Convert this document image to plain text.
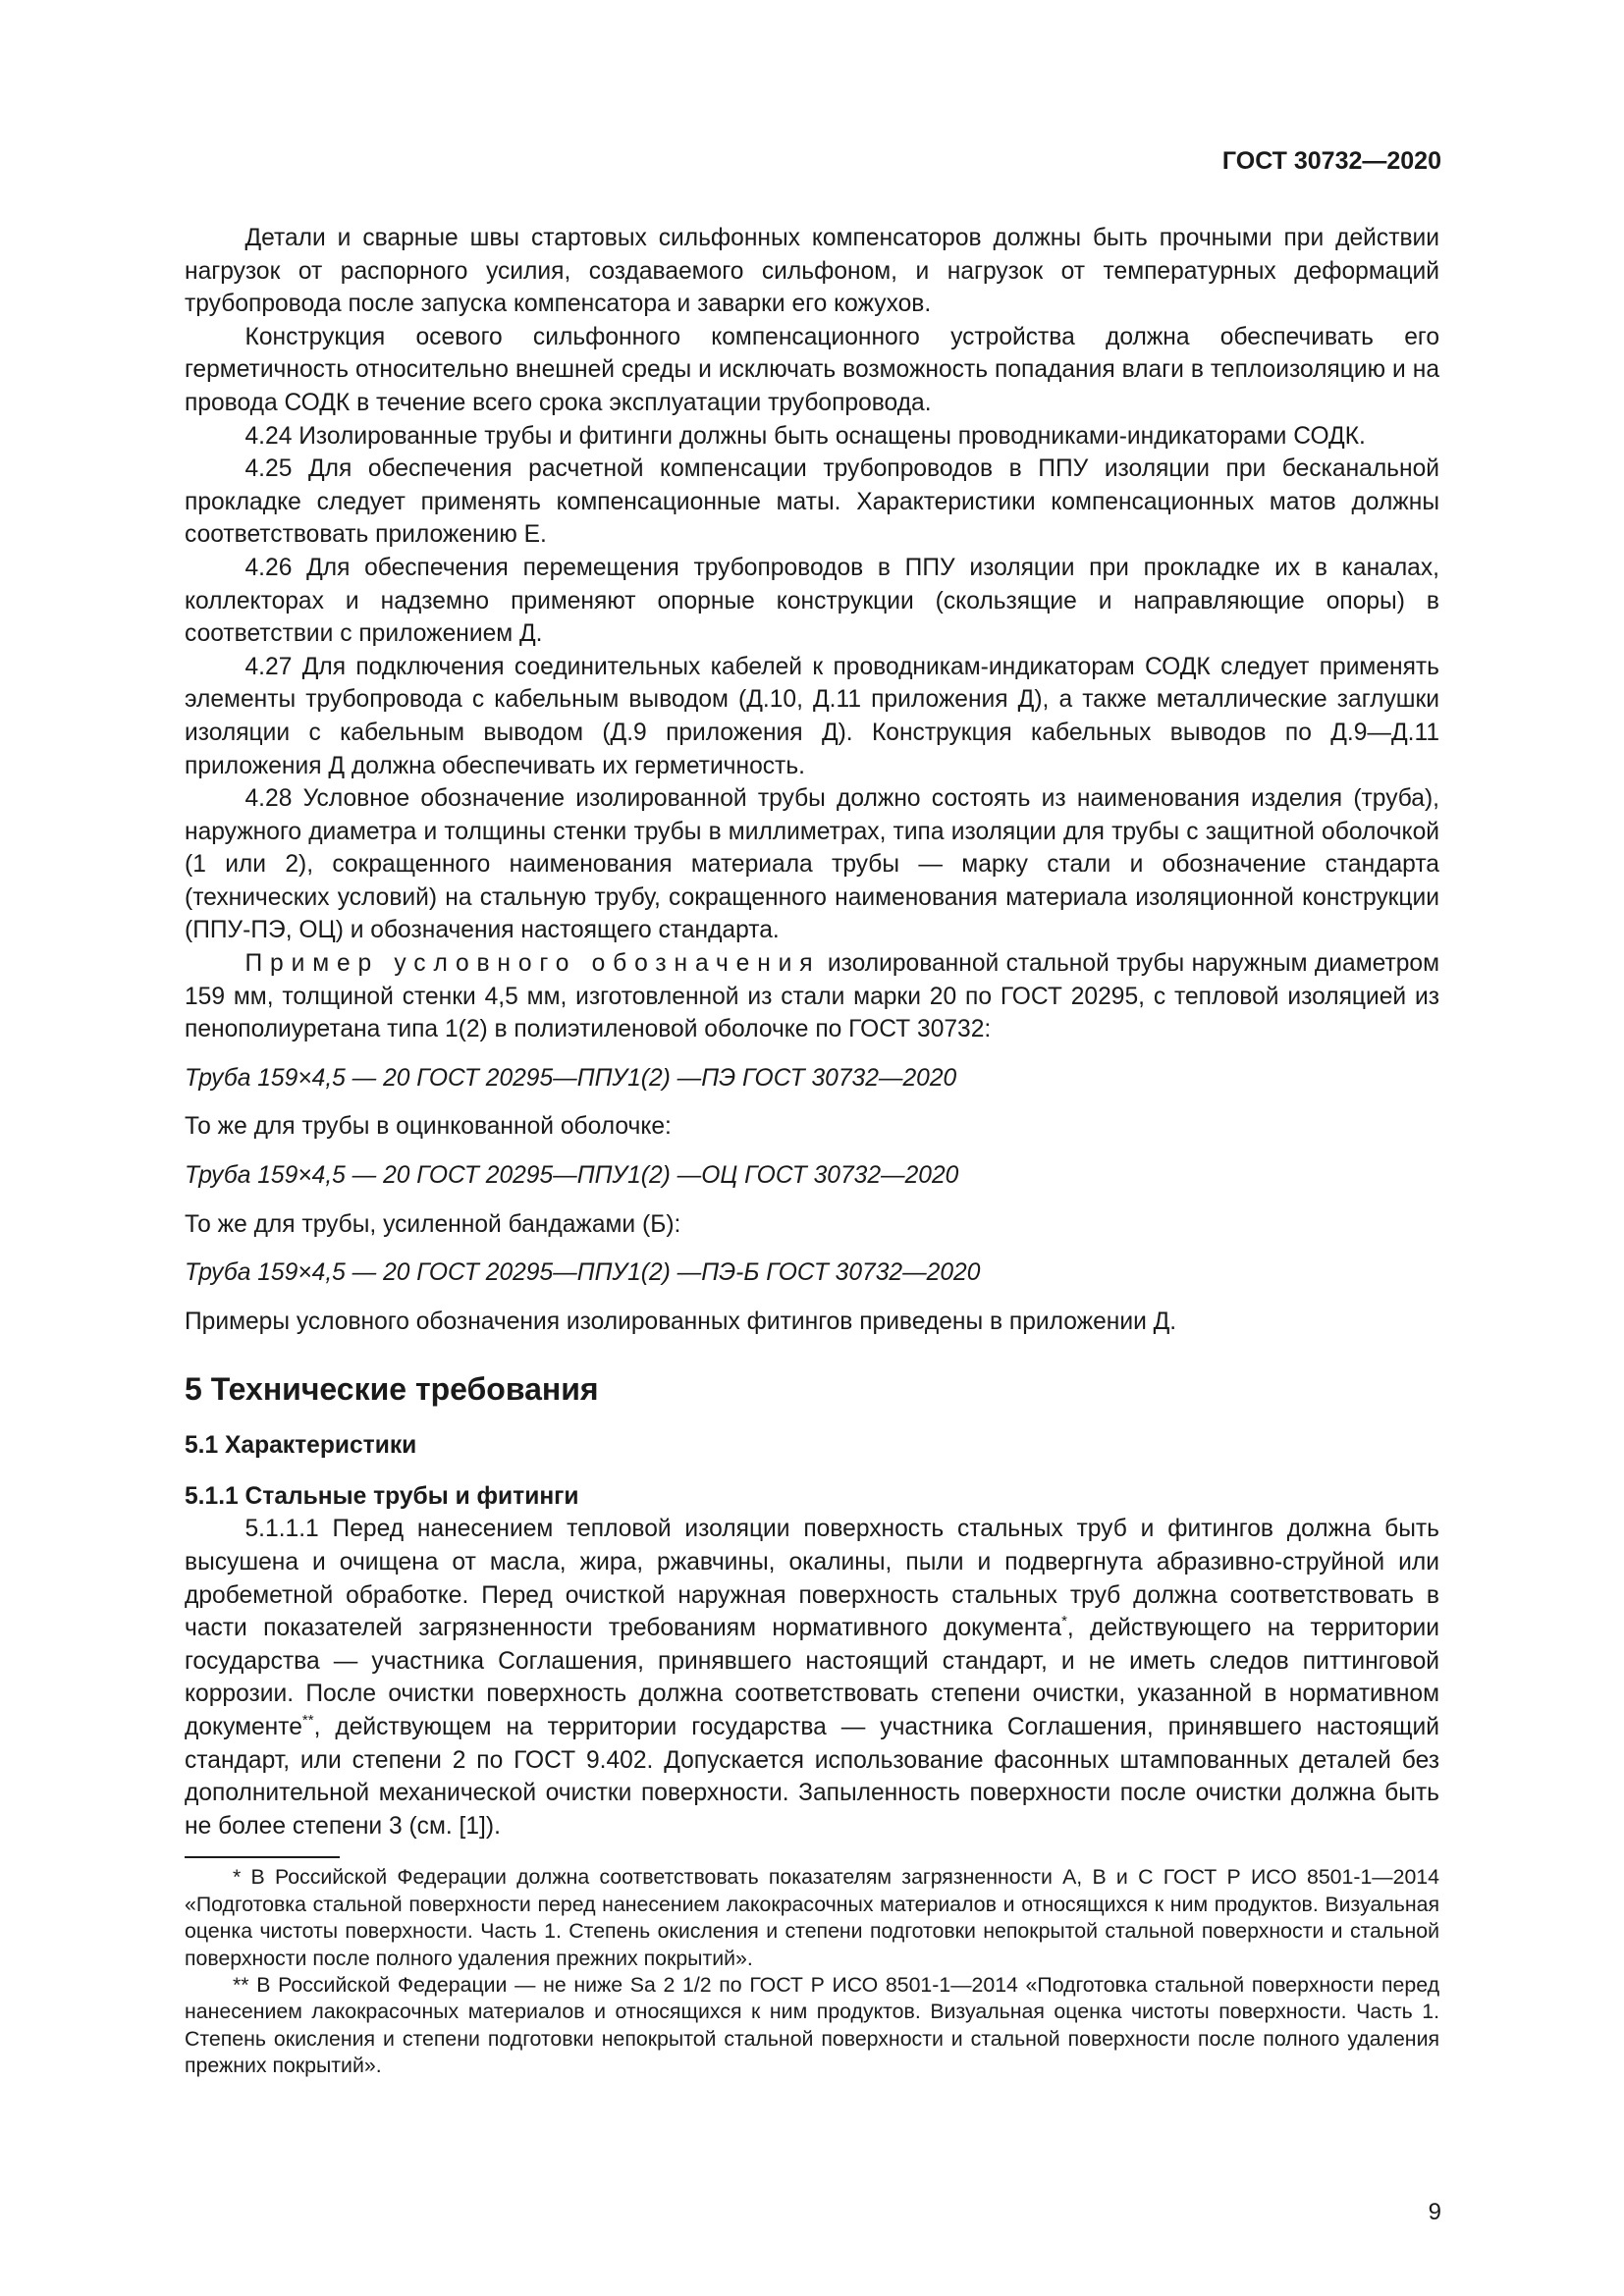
ГОСТ 30732—2020

Детали и сварные швы стартовых сильфонных компенсаторов должны быть прочными при действии нагрузок от распорного усилия, создаваемого сильфоном, и нагрузок от температурных деформаций трубопровода после запуска компенсатора и заварки его кожухов.

Конструкция осевого сильфонного компенсационного устройства должна обеспечивать его герметичность относительно внешней среды и исключать возможность попадания влаги в теплоизоляцию и на провода СОДК в течение всего срока эксплуатации трубопровода.

4.24 Изолированные трубы и фитинги должны быть оснащены проводниками-индикаторами СОДК.

4.25 Для обеспечения расчетной компенсации трубопроводов в ППУ изоляции при бесканальной прокладке следует применять компенсационные маты. Характеристики компенсационных матов должны соответствовать приложению Е.

4.26 Для обеспечения перемещения трубопроводов в ППУ изоляции при прокладке их в каналах, коллекторах и надземно применяют опорные конструкции (скользящие и направляющие опоры) в соответствии с приложением Д.

4.27 Для подключения соединительных кабелей к проводникам-индикаторам СОДК следует применять элементы трубопровода с кабельным выводом (Д.10, Д.11 приложения Д), а также металлические заглушки изоляции с кабельным выводом (Д.9 приложения Д). Конструкция кабельных выводов по Д.9—Д.11 приложения Д должна обеспечивать их герметичность.

4.28 Условное обозначение изолированной трубы должно состоять из наименования изделия (труба), наружного диаметра и толщины стенки трубы в миллиметрах, типа изоляции для трубы с защитной оболочкой (1 или 2), сокращенного наименования материала трубы — марку стали и обозначение стандарта (технических условий) на стальную трубу, сокращенного наименования материала изоляционной конструкции (ППУ-ПЭ, ОЦ) и обозначения настоящего стандарта.

Пример условного обозначения изолированной стальной трубы наружным диаметром 159 мм, толщиной стенки 4,5 мм, изготовленной из стали марки 20 по ГОСТ 20295, с тепловой изоляцией из пенополиуретана типа 1(2) в полиэтиленовой оболочке по ГОСТ 30732:

Труба 159×4,5 — 20 ГОСТ 20295—ППУ1(2) —ПЭ ГОСТ 30732—2020

То же для трубы в оцинкованной оболочке:

Труба 159×4,5 — 20 ГОСТ 20295—ППУ1(2) —ОЦ ГОСТ 30732—2020

То же для трубы, усиленной бандажами (Б):

Труба 159×4,5 — 20 ГОСТ 20295—ППУ1(2) —ПЭ-Б ГОСТ 30732—2020

Примеры условного обозначения изолированных фитингов приведены в приложении Д.

5 Технические требования
5.1 Характеристики
5.1.1 Стальные трубы и фитинги

5.1.1.1 Перед нанесением тепловой изоляции поверхность стальных труб и фитингов должна быть высушена и очищена от масла, жира, ржавчины, окалины, пыли и подвергнута абразивно-струйной или дробеметной обработке. Перед очисткой наружная поверхность стальных труб должна соответствовать в части показателей загрязненности требованиям нормативного документа*, действующего на территории государства — участника Соглашения, принявшего настоящий стандарт, и не иметь следов питтинговой коррозии. После очистки поверхность должна соответствовать степени очистки, указанной в нормативном документе**, действующем на территории государства — участника Соглашения, принявшего настоящий стандарт, или степени 2 по ГОСТ 9.402. Допускается использование фасонных штампованных деталей без дополнительной механической очистки поверхности. Запыленность поверхности после очистки должна быть не более степени 3 (см. [1]).

* В Российской Федерации должна соответствовать показателям загрязненности А, В и С ГОСТ Р ИСО 8501-1—2014 «Подготовка стальной поверхности перед нанесением лакокрасочных материалов и относящихся к ним продуктов. Визуальная оценка чистоты поверхности. Часть 1. Степень окисления и степени подготовки непокрытой стальной поверхности и стальной поверхности после полного удаления прежних покрытий».

** В Российской Федерации — не ниже Sa 2 1/2 по ГОСТ Р ИСО 8501-1—2014 «Подготовка стальной поверхности перед нанесением лакокрасочных материалов и относящихся к ним продуктов. Визуальная оценка чистоты поверхности. Часть 1. Степень окисления и степени подготовки непокрытой стальной поверхности и стальной поверхности после полного удаления прежних покрытий».

9
